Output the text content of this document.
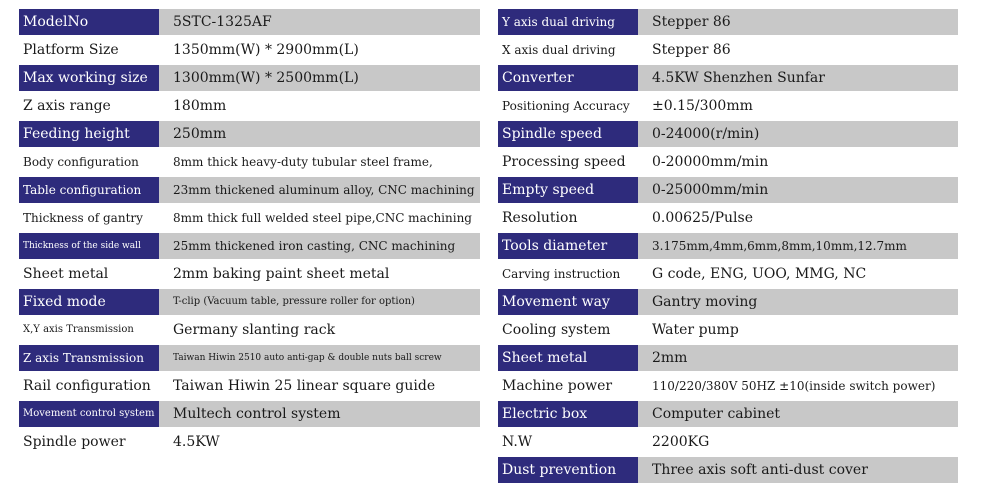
ModelNo	5STC-1325AF
Platform Size	1350mm(W) * 2900mm(L)
Max working size	1300mm(W) * 2500mm(L)
Z axis range	180mm
Feeding height	250mm
Body configuration	8mm thick heavy-duty tubular steel frame,
Table configuration	23mm thickened aluminum alloy, CNC machining
Thickness of gantry	8mm thick full welded steel pipe,CNC machining
Thickness of the side wall	25mm thickened iron casting, CNC machining
Sheet metal	2mm baking paint sheet metal
Fixed mode	T-clip (Vacuum table, pressure roller for option)
X,Y axis Transmission	Germany slanting rack
Z axis Transmission	Taiwan Hiwin 2510 auto anti-gap & double nuts ball screw
Rail configuration	Taiwan Hiwin 25 linear square guide
Movement control system	Multech control system
Spindle power	4.5KW
Y axis dual driving	Stepper 86
X axis dual driving	Stepper 86
Converter	4.5KW Shenzhen Sunfar
Positioning Accuracy	±0.15/300mm
Spindle speed	0-24000(r/min)
Processing speed	0-20000mm/min
Empty speed	0-25000mm/min
Resolution	0.00625/Pulse
Tools diameter	3.175mm,4mm,6mm,8mm,10mm,12.7mm
Carving instruction	G code, ENG, UOO, MMG, NC
Movement way	Gantry moving
Cooling system	Water pump
Sheet metal	2mm
Machine power	110/220/380V 50HZ ±10(inside switch power)
Electric box	Computer cabinet
N.W	2200KG
Dust prevention	Three axis soft anti-dust cover
